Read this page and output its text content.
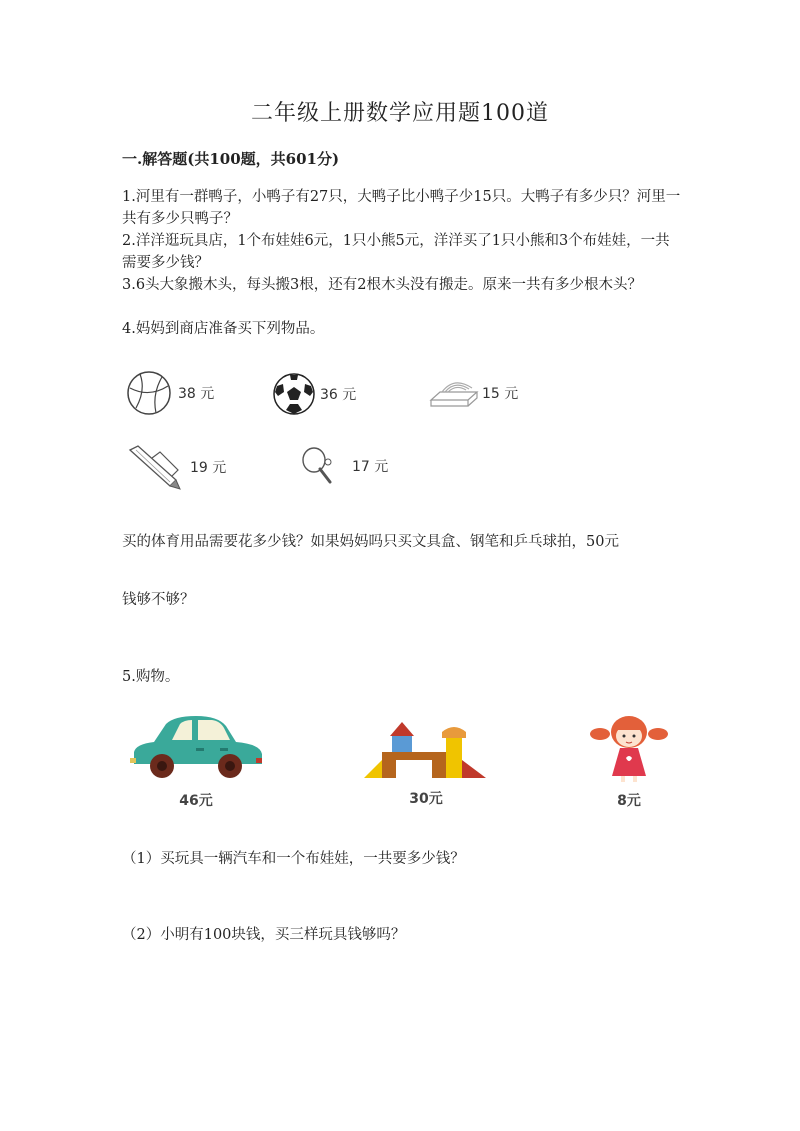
二年级上册数学应用题100道
一.解答题(共100题，共601分)
1.河里有一群鸭子，小鸭子有27只，大鸭子比小鸭子少15只。大鸭子有多少只？河里一共有多少只鸭子？
2.洋洋逛玩具店，1个布娃娃6元，1只小熊5元，洋洋买了1只小熊和3个布娃娃，一共需要多少钱？
3.6头大象搬木头，每头搬3根，还有2根木头没有搬走。原来一共有多少根木头？
4.妈妈到商店准备买下列物品。
38 元	36 元	15 元
19 元	17 元
买的体育用品需要花多少钱？如果妈妈吗只买文具盒、钢笔和乒乓球拍，50元
钱够不够？
5.购物。
46元	30元	8元
（1）买玩具一辆汽车和一个布娃娃，一共要多少钱？
（2）小明有100块钱，买三样玩具钱够吗？
